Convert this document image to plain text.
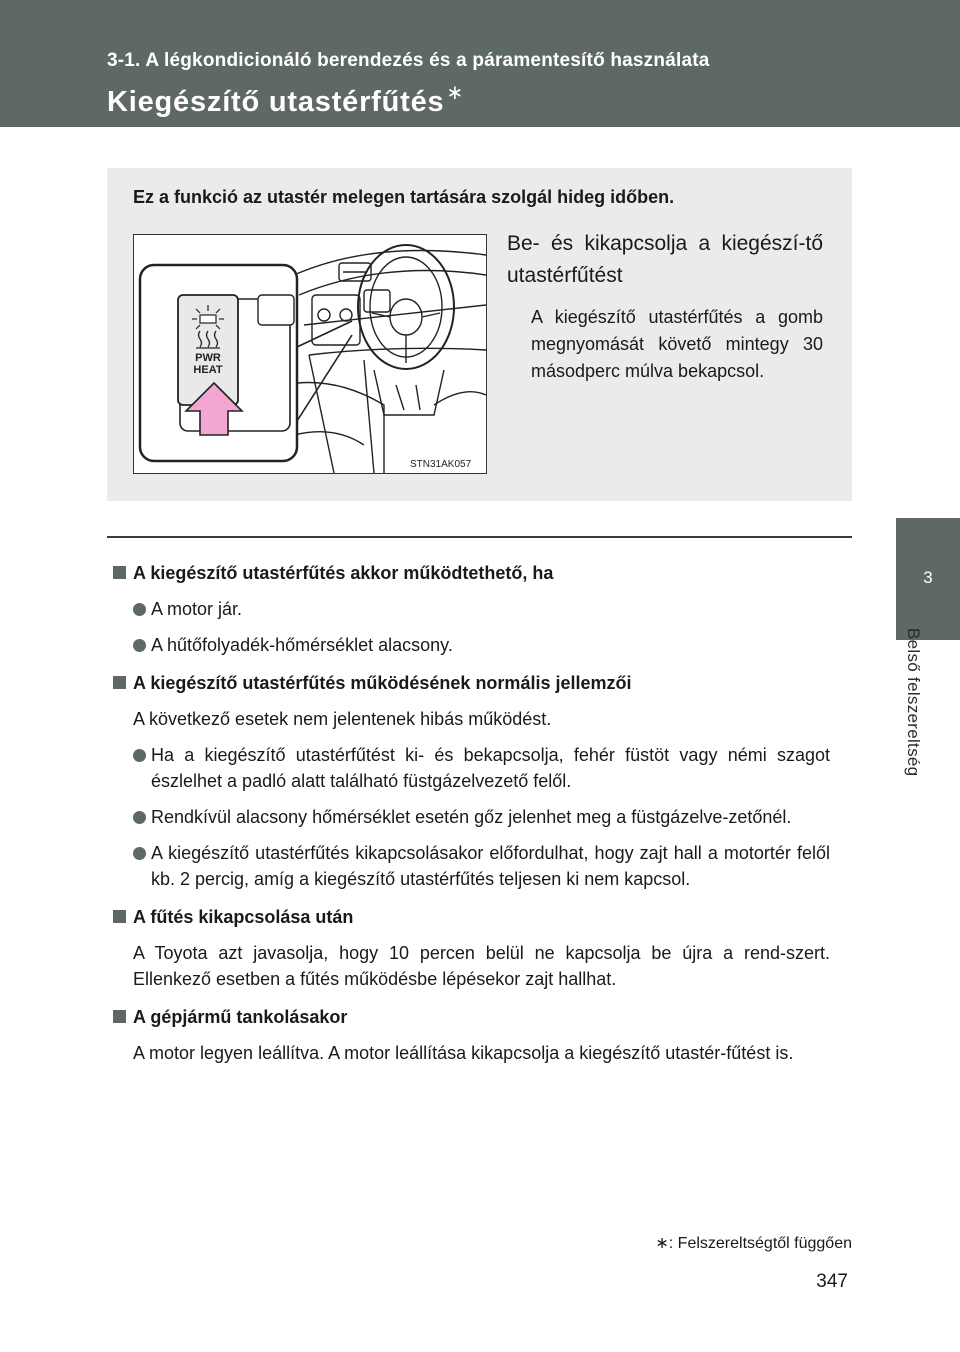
3-1. A légkondicionáló berendezés és a páramentesítő használata
Kiegészítő utastérfűtés ∗
3
Belső felszereltség
Ez a funkció az utastér melegen tartására szolgál hideg időben.
PWR
HEAT
STN31AK057
Be- és kikapcsolja a kiegészí-tő utastérfűtést
A kiegészítő utastérfűtés a gomb megnyomását követő mintegy 30 másodperc múlva bekapcsol.
A kiegészítő utastérfűtés akkor működtethető, ha
A motor jár.
A hűtőfolyadék-hőmérséklet alacsony.
A kiegészítő utastérfűtés működésének normális jellemzői
A következő esetek nem jelentenek hibás működést.
Ha a kiegészítő utastérfűtést ki- és bekapcsolja, fehér füstöt vagy némi szagot észlelhet a padló alatt található füstgázelvezető felől.
Rendkívül alacsony hőmérséklet esetén gőz jelenhet meg a füstgázelve-zetőnél.
A kiegészítő utastérfűtés kikapcsolásakor előfordulhat, hogy zajt hall a motortér felől kb. 2 percig, amíg a kiegészítő utastérfűtés teljesen ki nem kapcsol.
A fűtés kikapcsolása után
A Toyota azt javasolja, hogy 10 percen belül ne kapcsolja be újra a rend-szert. Ellenkező esetben a fűtés működésbe lépésekor zajt hallhat.
A gépjármű tankolásakor
A motor legyen leállítva. A motor leállítása kikapcsolja a kiegészítő utastér-fűtést is.
∗: Felszereltségtől függően
347
